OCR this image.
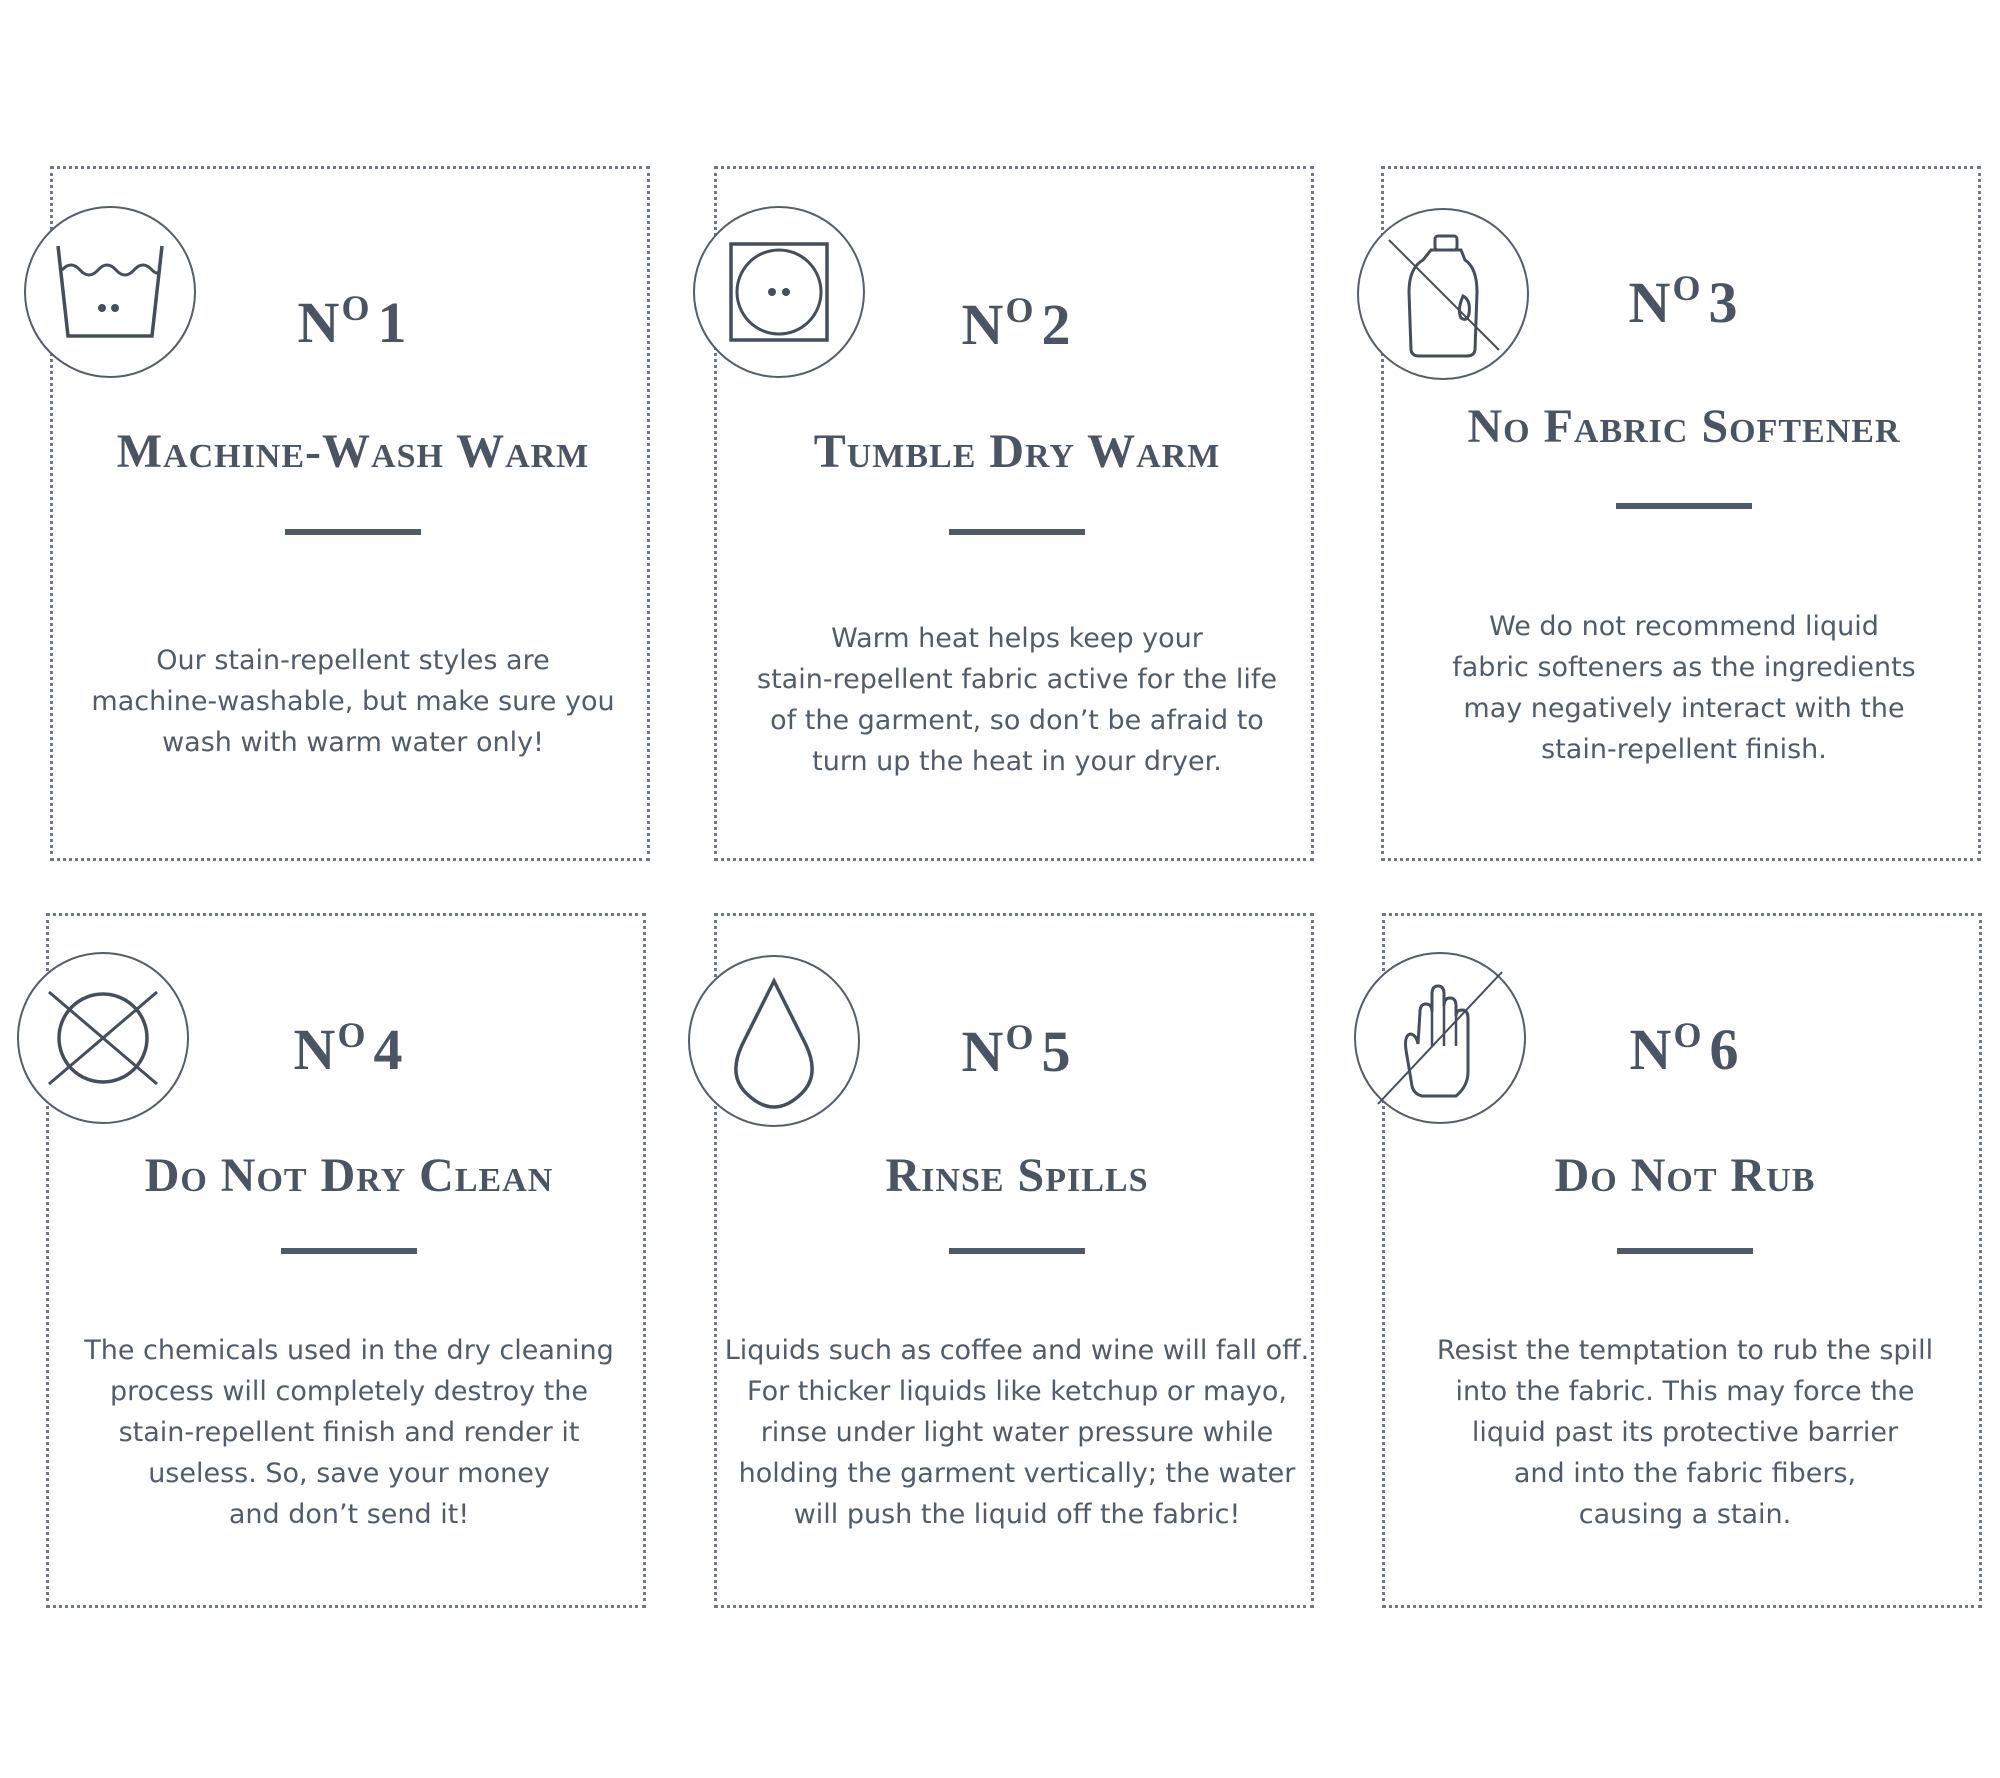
$N^O$ 1
Machine-Wash Warm
Our stain-repellent styles are
machine-washable, but make sure you
wash with warm water only!
$N^O$ 2
Tumble Dry Warm
Warm heat helps keep your
stain-repellent fabric active for the life
of the garment, so don’t be afraid to
turn up the heat in your dryer.
$N^O$ 3
No Fabric Softener
We do not recommend liquid
fabric softeners as the ingredients
may negatively interact with the
stain-repellent finish.
$N^O$ 4
Do Not Dry Clean
The chemicals used in the dry cleaning
process will completely destroy the
stain-repellent finish and render it
useless. So, save your money
and don’t send it!
$N^O$ 5
Rinse Spills
Liquids such as coffee and wine will fall off.
For thicker liquids like ketchup or mayo,
rinse under light water pressure while
holding the garment vertically; the water
will push the liquid off the fabric!
$N^O$ 6
Do Not Rub
Resist the temptation to rub the spill
into the fabric. This may force the
liquid past its protective barrier
and into the fabric fibers,
causing a stain.
